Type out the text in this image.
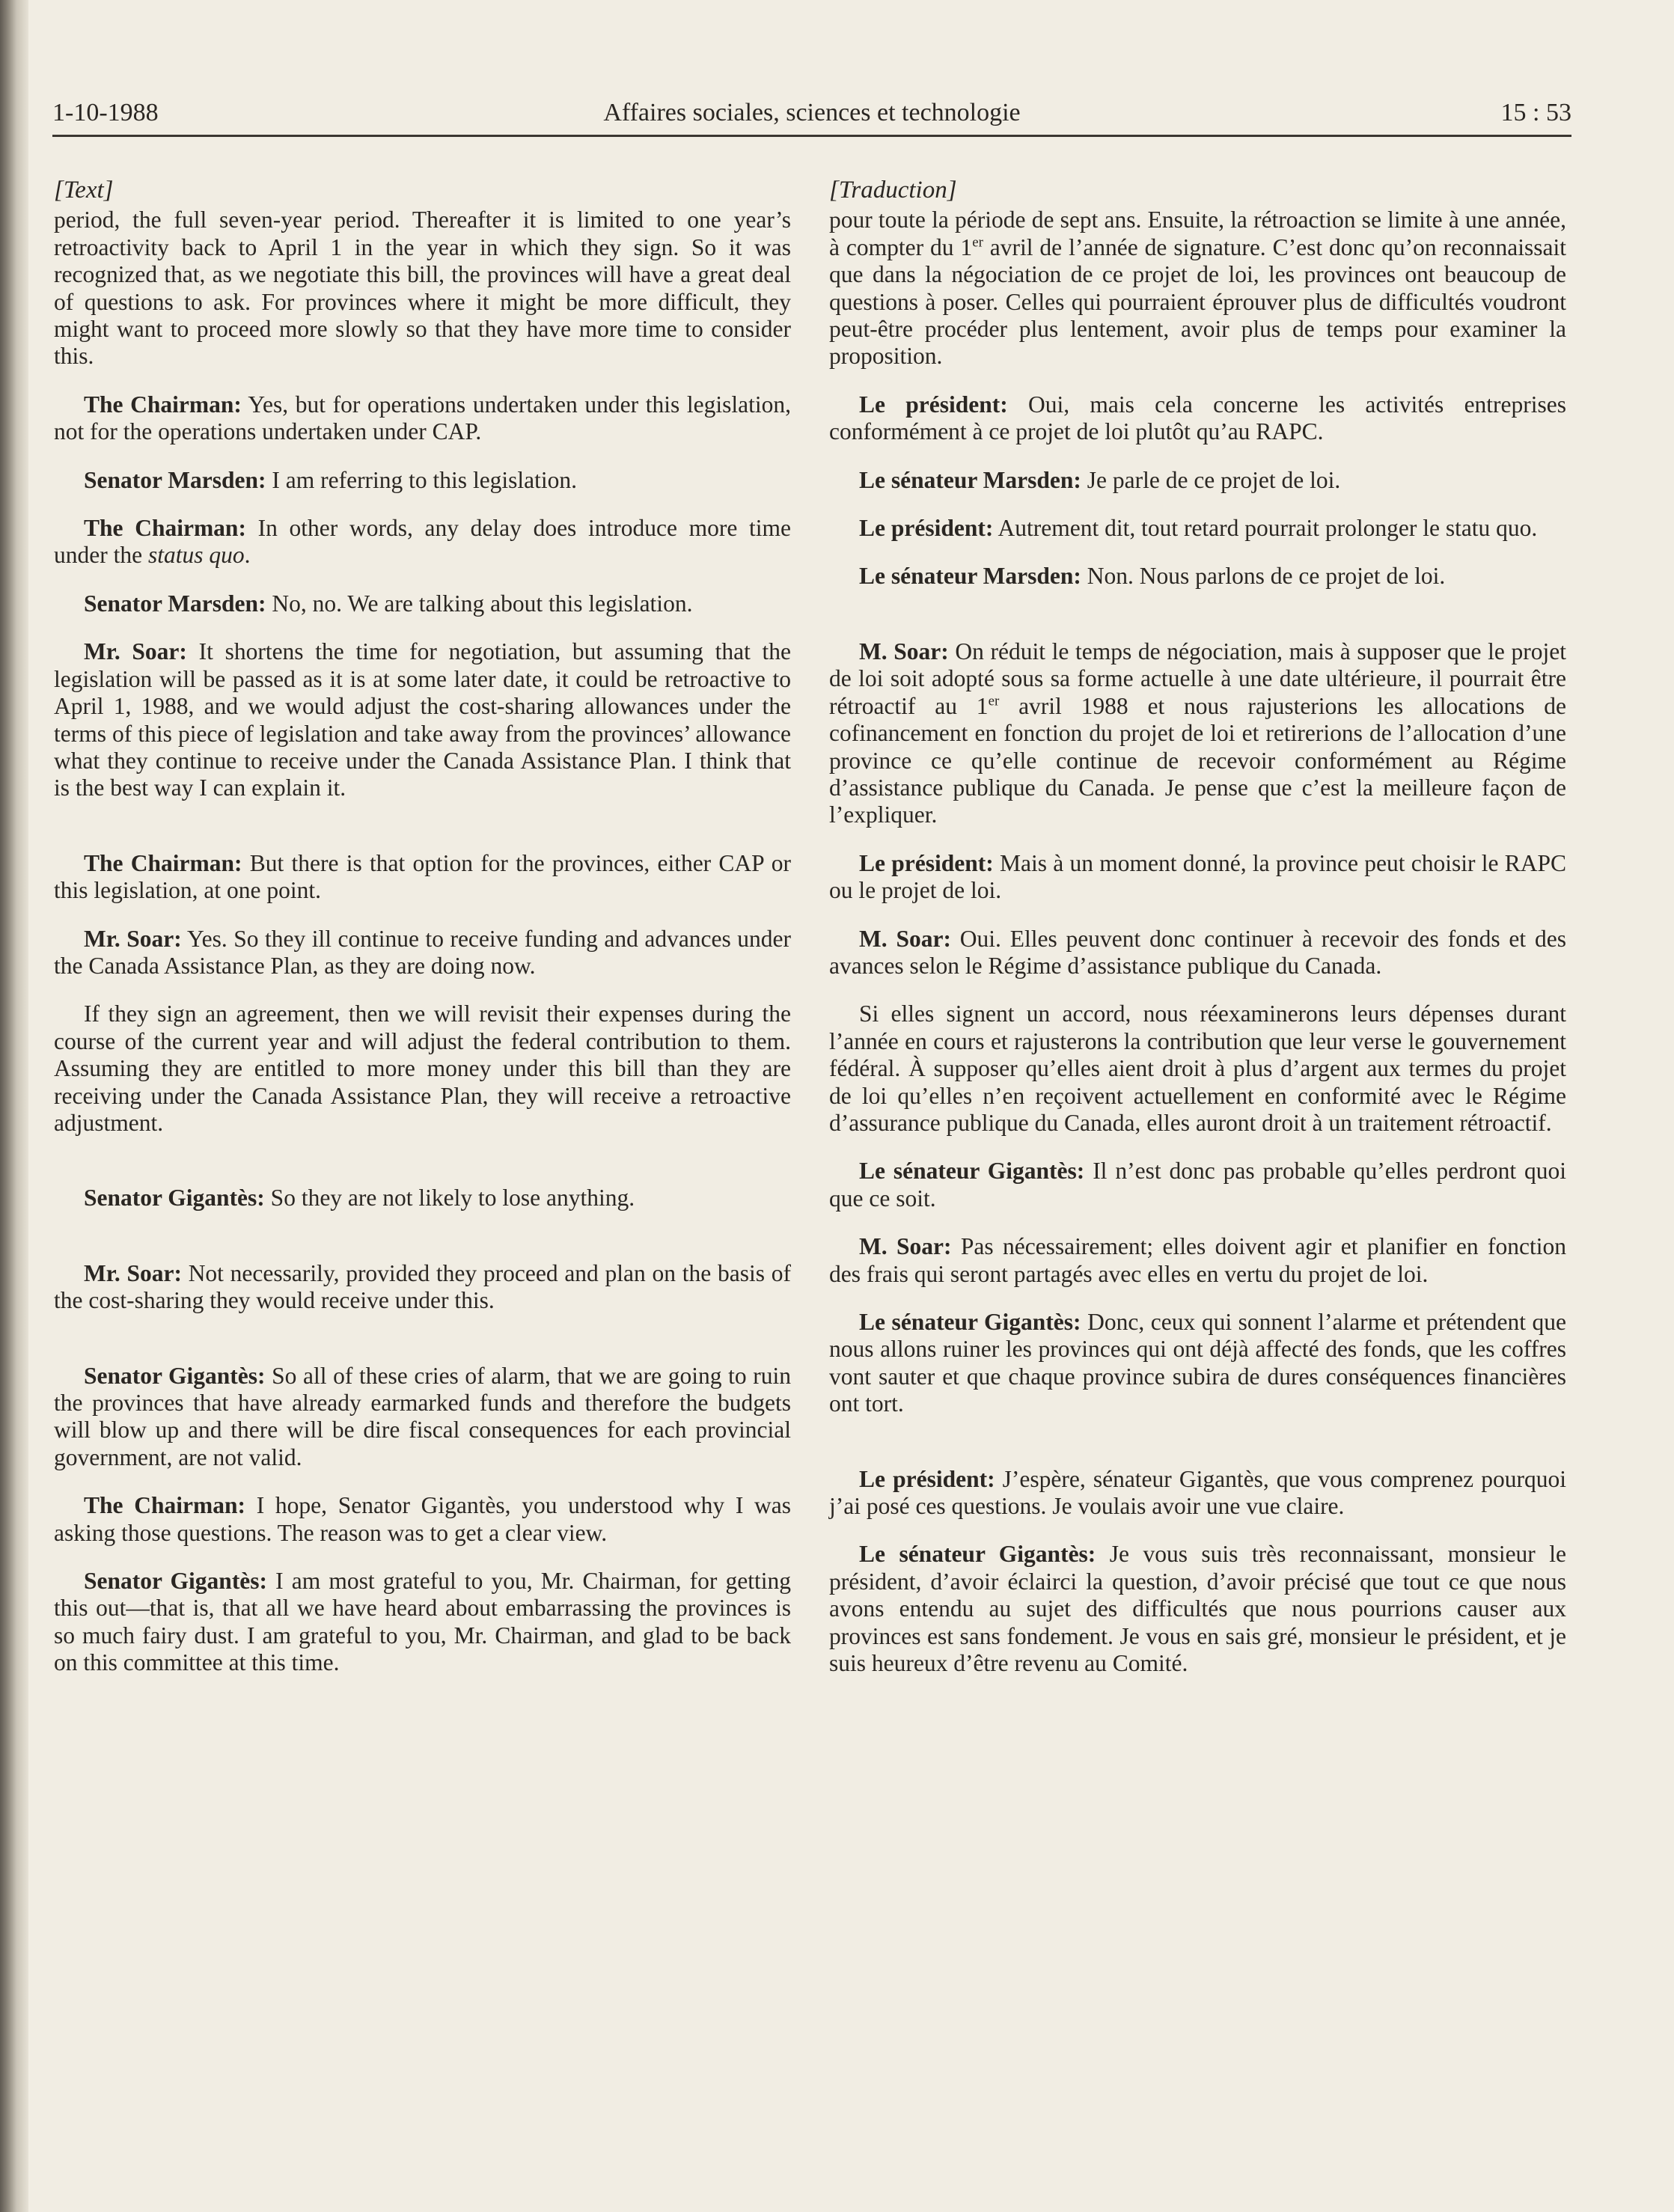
1-10-1988	Affaires sociales, sciences et technologie	15 : 53
[Text]

period, the full seven-year period. Thereafter it is limited to one year’s retroactivity back to April 1 in the year in which they sign. So it was recognized that, as we negotiate this bill, the provinces will have a great deal of questions to ask. For provinces where it might be more difficult, they might want to proceed more slowly so that they have more time to consider this.

The Chairman: Yes, but for operations undertaken under this legislation, not for the operations undertaken under CAP.

Senator Marsden: I am referring to this legislation.

The Chairman: In other words, any delay does introduce more time under the status quo.

Senator Marsden: No, no. We are talking about this legislation.

Mr. Soar: It shortens the time for negotiation, but assuming that the legislation will be passed as it is at some later date, it could be retroactive to April 1, 1988, and we would adjust the cost-sharing allowances under the terms of this piece of legislation and take away from the provinces’ allowance what they continue to receive under the Canada Assistance Plan. I think that is the best way I can explain it.

The Chairman: But there is that option for the provinces, either CAP or this legislation, at one point.

Mr. Soar: Yes. So they ill continue to receive funding and advances under the Canada Assistance Plan, as they are doing now.

If they sign an agreement, then we will revisit their expenses during the course of the current year and will adjust the federal contribution to them. Assuming they are entitled to more money under this bill than they are receiving under the Canada Assistance Plan, they will receive a retroactive adjustment.

Senator Gigantès: So they are not likely to lose anything.

Mr. Soar: Not necessarily, provided they proceed and plan on the basis of the cost-sharing they would receive under this.

Senator Gigantès: So all of these cries of alarm, that we are going to ruin the provinces that have already earmarked funds and therefore the budgets will blow up and there will be dire fiscal consequences for each provincial government, are not valid.

The Chairman: I hope, Senator Gigantès, you understood why I was asking those questions. The reason was to get a clear view.

Senator Gigantès: I am most grateful to you, Mr. Chairman, for getting this out—that is, that all we have heard about embarrassing the provinces is so much fairy dust. I am grateful to you, Mr. Chairman, and glad to be back on this committee at this time.

[Traduction]

pour toute la période de sept ans. Ensuite, la rétroaction se limite à une année, à compter du 1er avril de l’année de signature. C’est donc qu’on reconnaissait que dans la négociation de ce projet de loi, les provinces ont beaucoup de questions à poser. Celles qui pourraient éprouver plus de difficultés voudront peut-être procéder plus lentement, avoir plus de temps pour examiner la proposition.

Le président: Oui, mais cela concerne les activités entreprises conformément à ce projet de loi plutôt qu’au RAPC.

Le sénateur Marsden: Je parle de ce projet de loi.

Le président: Autrement dit, tout retard pourrait prolonger le statu quo.

Le sénateur Marsden: Non. Nous parlons de ce projet de loi.

M. Soar: On réduit le temps de négociation, mais à supposer que le projet de loi soit adopté sous sa forme actuelle à une date ultérieure, il pourrait être rétroactif au 1er avril 1988 et nous rajusterions les allocations de cofinancement en fonction du projet de loi et retirerions de l’allocation d’une province ce qu’elle continue de recevoir conformément au Régime d’assistance publique du Canada. Je pense que c’est la meilleure façon de l’expliquer.

Le président: Mais à un moment donné, la province peut choisir le RAPC ou le projet de loi.

M. Soar: Oui. Elles peuvent donc continuer à recevoir des fonds et des avances selon le Régime d’assistance publique du Canada.

Si elles signent un accord, nous réexaminerons leurs dépenses durant l’année en cours et rajusterons la contribution que leur verse le gouvernement fédéral. À supposer qu’elles aient droit à plus d’argent aux termes du projet de loi qu’elles n’en reçoivent actuellement en conformité avec le Régime d’assurance publique du Canada, elles auront droit à un traitement rétroactif.

Le sénateur Gigantès: Il n’est donc pas probable qu’elles perdront quoi que ce soit.

M. Soar: Pas nécessairement; elles doivent agir et planifier en fonction des frais qui seront partagés avec elles en vertu du projet de loi.

Le sénateur Gigantès: Donc, ceux qui sonnent l’alarme et prétendent que nous allons ruiner les provinces qui ont déjà affecté des fonds, que les coffres vont sauter et que chaque province subira de dures conséquences financières ont tort.

Le président: J’espère, sénateur Gigantès, que vous comprenez pourquoi j’ai posé ces questions. Je voulais avoir une vue claire.

Le sénateur Gigantès: Je vous suis très reconnaissant, monsieur le président, d’avoir éclairci la question, d’avoir précisé que tout ce que nous avons entendu au sujet des difficultés que nous pourrions causer aux provinces est sans fondement. Je vous en sais gré, monsieur le président, et je suis heureux d’être revenu au Comité.
